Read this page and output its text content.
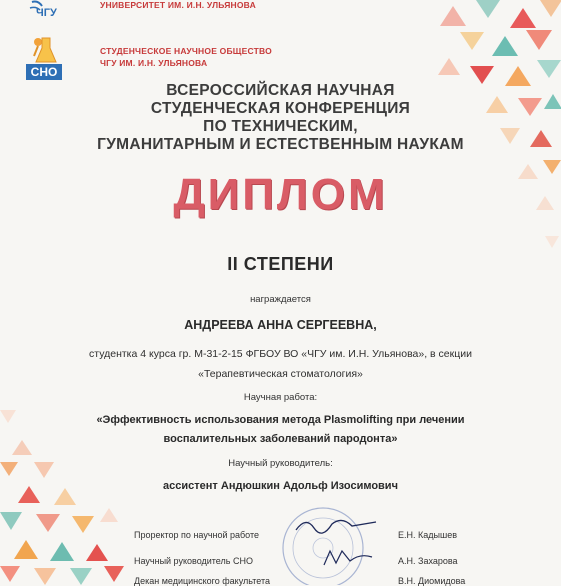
ЧГУ
УНИВЕРСИТЕТ ИМ. И.Н. УЛЬЯНОВА
СНО
СТУДЕНЧЕСКОЕ НАУЧНОЕ ОБЩЕСТВО
ЧГУ ИМ. И.Н. УЛЬЯНОВА
ВСЕРОССИЙСКАЯ НАУЧНАЯ
СТУДЕНЧЕСКАЯ КОНФЕРЕНЦИЯ
ПО ТЕХНИЧЕСКИМ,
ГУМАНИТАРНЫМ И ЕСТЕСТВЕННЫМ НАУКАМ
ДИПЛОМ
II СТЕПЕНИ
награждается
АНДРЕЕВА АННА СЕРГЕЕВНА,
студентка 4 курса гр. М-31-2-15 ФГБОУ ВО «ЧГУ им. И.Н. Ульянова», в секции
«Терапевтическая стоматология»
Научная работа:
«Эффективность использования метода Plasmolifting при лечении
воспалительных заболеваний пародонта»
Научный руководитель:
ассистент Андюшкин Адольф Изосимович
Проректор по научной работе	Е.Н. Кадышев
Научный руководитель СНО	А.Н. Захарова
Декан медицинского факультета	В.Н. Диомидова
